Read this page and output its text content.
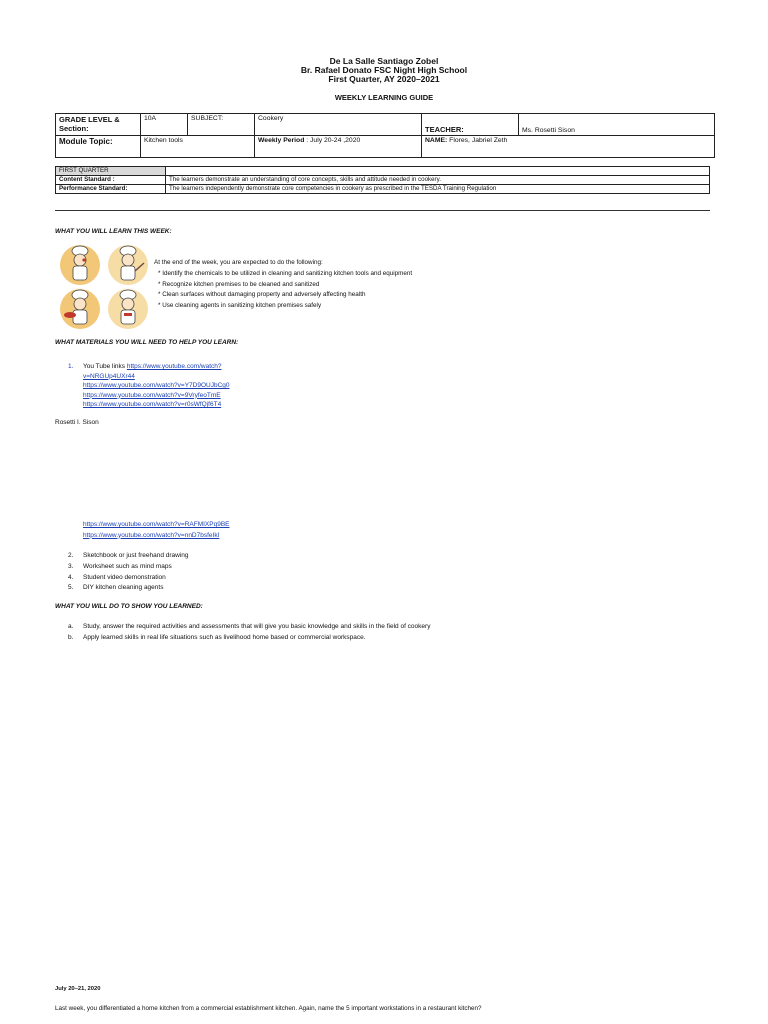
De La Salle Santiago Zobel
Br. Rafael Donato FSC Night High School
First Quarter, AY 2020–2021
WEEKLY LEARNING GUIDE
GRADE LEVEL & Section:	10A	SUBJECT:	Cookery	TEACHER:	Ms. Rosetti Sison
Module Topic:	Kitchen tools		Weekly Period : July 20-24 ,2020	NAME: Flores, Jabriel Zeth	
FIRST QUARTER	
Content Standard :	The learners demonstrate an understanding of core concepts, skills and attitude needed in cookery.
Performance Standard:	The learners independently demonstrate core competencies in cookery as prescribed in the TESDA Training Regulation
WHAT YOU WILL LEARN THIS WEEK:
At the end of the week, you are expected to do the following:
* Identify the chemicals to be utilized in cleaning and sanitizing kitchen tools and equipment
* Recognize kitchen premises to be cleaned and sanitized
* Clean surfaces without damaging property and adversely affecting health
* Use cleaning agents in sanitizing kitchen premises safely
WHAT MATERIALS YOU WILL NEED TO HELP YOU LEARN:
1. You Tube links https://www.youtube.com/watch?
v=NRGUp4UXr44
https://www.youtube.com/watch?v=Y7D9OUJbCg0
https://www.youtube.com/watch?v=9VryfeoTmE
https://www.youtube.com/watch?v=r0sWfQjf6T4
Rosetti I. Sison
https://www.youtube.com/watch?v=RAFMIXPq9BE
https://www.youtube.com/watch?v=nnD7bsfeIkI
2. Sketchbook or just freehand drawing
3. Worksheet such as mind maps
4. Student video demonstration
5. DIY kitchen cleaning agents
WHAT YOU WILL DO TO SHOW YOU LEARNED:
a. Study, answer the required activities and assessments that will give you basic knowledge and skills in the field of cookery
b. Apply learned skills in real life situations such as livelihood home based or commercial workspace.
July 20–21, 2020
Last week, you differentiated a home kitchen from a commercial establishment kitchen. Again, name the 5 important workstations in a restaurant kitchen?
